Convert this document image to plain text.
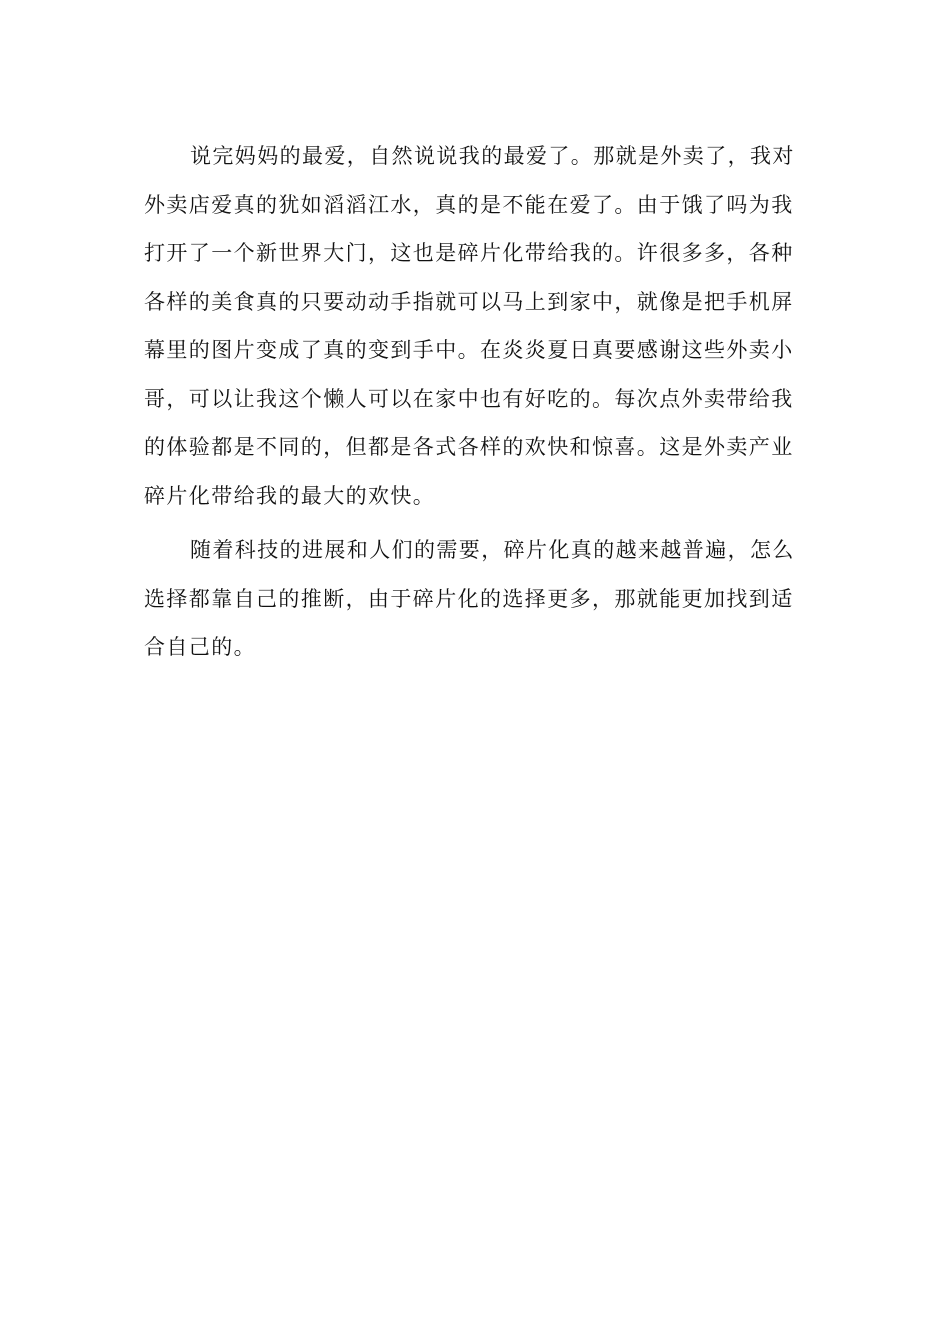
说完妈妈的最爱，自然说说我的最爱了。那就是外卖了，我对
外卖店爱真的犹如滔滔江水，真的是不能在爱了。由于饿了吗为我
打开了一个新世界大门，这也是碎片化带给我的。许很多多，各种
各样的美食真的只要动动手指就可以马上到家中，就像是把手机屏
幕里的图片变成了真的变到手中。在炎炎夏日真要感谢这些外卖小
哥，可以让我这个懒人可以在家中也有好吃的。每次点外卖带给我
的体验都是不同的，但都是各式各样的欢快和惊喜。这是外卖产业
碎片化带给我的最大的欢快。
随着科技的进展和人们的需要，碎片化真的越来越普遍，怎么
选择都靠自己的推断，由于碎片化的选择更多，那就能更加找到适
合自己的。
